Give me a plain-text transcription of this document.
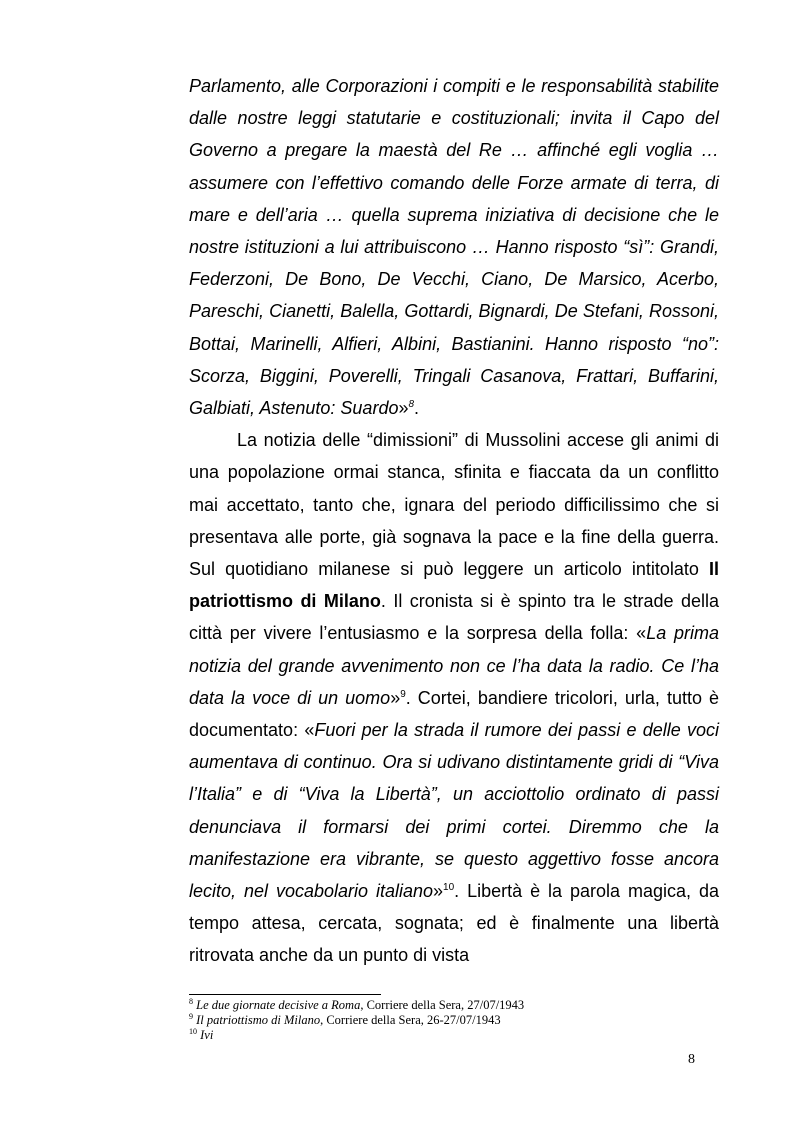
Parlamento, alle Corporazioni i compiti e le responsabilità stabilite dalle nostre leggi statutarie e costituzionali; invita il Capo del Governo a pregare la maestà del Re … affinché egli voglia … assumere con l’effettivo comando delle Forze armate di terra, di mare e dell’aria … quella suprema iniziativa di decisione che le nostre istituzioni a lui attribuiscono … Hanno risposto “sì”: Grandi, Federzoni, De Bono, De Vecchi, Ciano, De Marsico, Acerbo, Pareschi, Cianetti, Balella, Gottardi, Bignardi, De Stefani, Rossoni, Bottai, Marinelli, Alfieri, Albini, Bastianini. Hanno risposto “no”: Scorza, Biggini, Poverelli, Tringali Casanova, Frattari, Buffarini, Galbiati, Astenuto: Suardo»$^8$.

La notizia delle “dimissioni” di Mussolini accese gli animi di una popolazione ormai stanca, sfinita e fiaccata da un conflitto mai accettato, tanto che, ignara del periodo difficilissimo che si presentava alle porte, già sognava la pace e la fine della guerra. Sul quotidiano milanese si può leggere un articolo intitolato Il patriottismo di Milano. Il cronista si è spinto tra le strade della città per vivere l’entusiasmo e la sorpresa della folla: «La prima notizia del grande avvenimento non ce l’ha data la radio. Ce l’ha data la voce di un uomo»$^9$. Cortei, bandiere tricolori, urla, tutto è documentato: «Fuori per la strada il rumore dei passi e delle voci aumentava di continuo. Ora si udivano distintamente gridi di “Viva l’Italia” e di “Viva la Libertà”, un acciottolio ordinato di passi denunciava il formarsi dei primi cortei. Diremmo che la manifestazione era vibrante, se questo aggettivo fosse ancora lecito, nel vocabolario italiano»$^{10}$. Libertà è la parola magica, da tempo attesa, cercata, sognata; ed è finalmente una libertà ritrovata anche da un punto di vista

$^8$ Le due giornate decisive a Roma, Corriere della Sera, 27/07/1943
$^9$ Il patriottismo di Milano, Corriere della Sera, 26-27/07/1943
$^{10}$ Ivi
8
